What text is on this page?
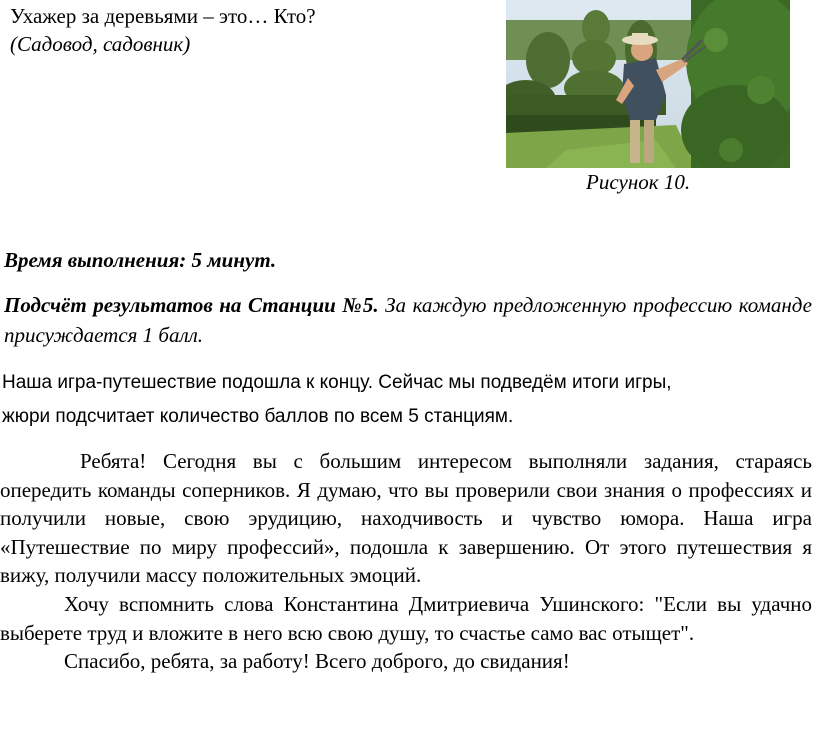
Ухажер за деревьями – это… Кто?
(Садовод, садовник)

Рисунок 10.

Время выполнения: 5 минут.

Подсчёт результатов на Станции №5. За каждую предложенную профессию команде присуждается 1 балл.

Наша игра-путешествие подошла к концу. Сейчас мы подведём итоги игры,
жюри подсчитает количество баллов по всем 5 станциям.

Ребята! Сегодня вы с большим интересом выполняли задания, стараясь опередить команды соперников. Я думаю, что вы проверили свои знания о профессиях и получили новые, свою эрудицию, находчивость и чувство юмора. Наша игра «Путешествие по миру профессий», подошла к завершению. От этого путешествия я вижу, получили массу положительных эмоций.

Хочу вспомнить слова Константина Дмитриевича Ушинского: "Если вы удачно выберете труд и вложите в него всю свою душу, то счастье само вас отыщет".

Спасибо, ребята, за работу! Всего доброго, до свидания!
